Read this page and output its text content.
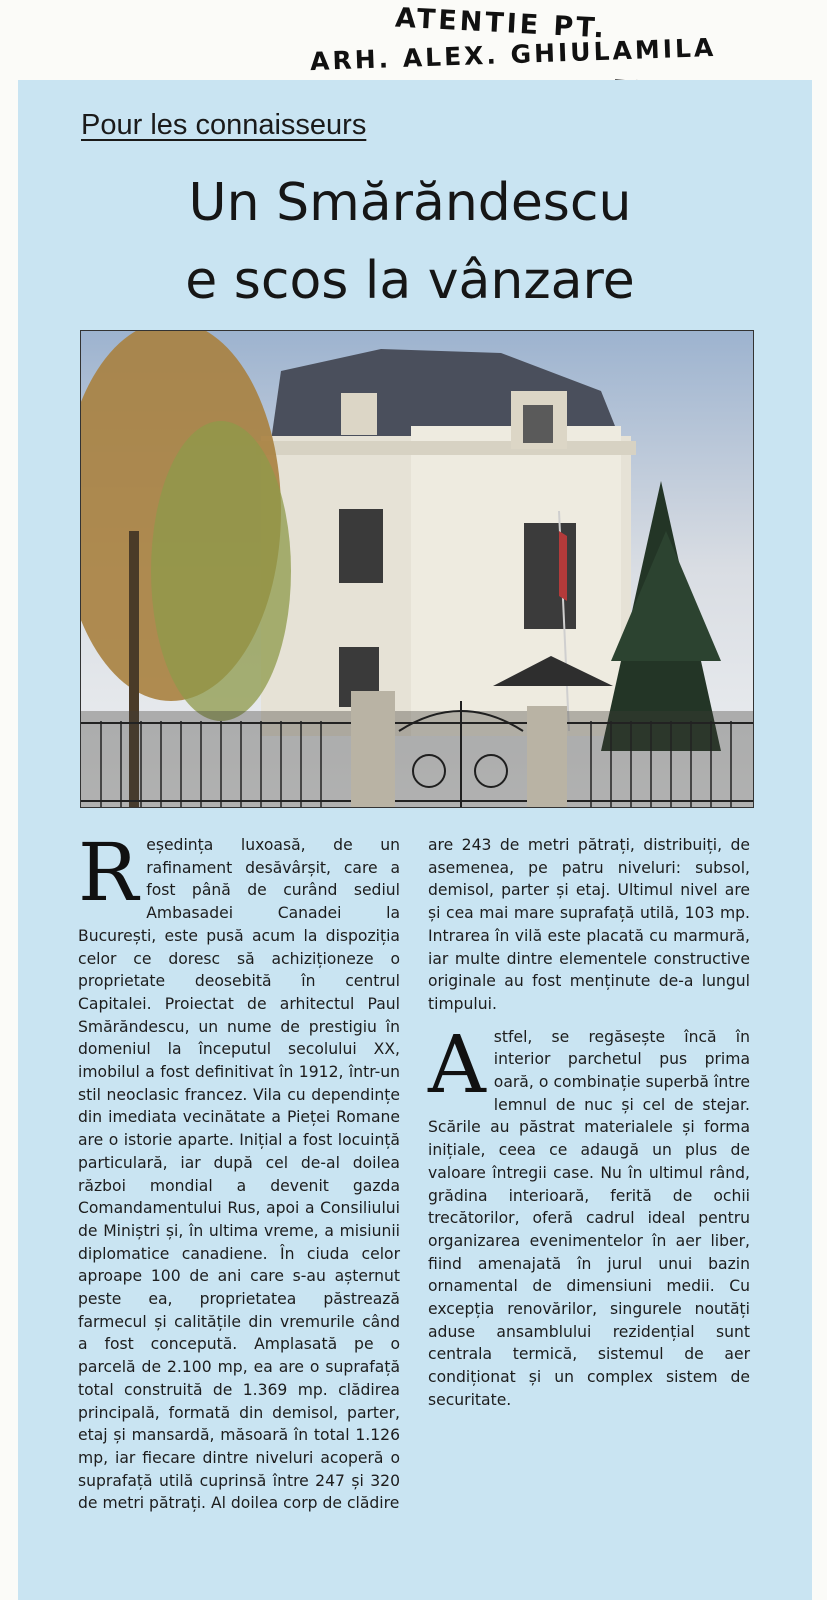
ATENTIE PT.
ARH. ALEX. GHIULAMILA
Pour les connaisseurs
Un Smărăndescu
e scos la vânzare

Reședința luxoasă, de un rafinament desăvârșit, care a fost până de curând sediul Ambasadei Canadei la București, este pusă acum la dispoziția celor ce doresc să achiziționeze o proprietate deosebită în centrul Capitalei. Proiectat de arhitectul Paul Smărăndescu, un nume de prestigiu în domeniul la începutul secolului XX, imobilul a fost definitivat în 1912, într-un stil neoclasic francez. Vila cu dependințe din imediata vecinătate a Pieței Romane are o istorie aparte. Inițial a fost locuință particulară, iar după cel de-al doilea război mondial a devenit gazda Comandamentului Rus, apoi a Consiliului de Miniștri și, în ultima vreme, a misiunii diplomatice canadiene. În ciuda celor aproape 100 de ani care s-au așternut peste ea, proprietatea păstrează farmecul și calitățile din vremurile când a fost concepută. Amplasată pe o parcelă de 2.100 mp, ea are o suprafață total construită de 1.369 mp. clădirea principală, formată din demisol, parter, etaj și mansardă, măsoară în total 1.126 mp, iar fiecare dintre niveluri acoperă o suprafață utilă cuprinsă între 247 și 320 de metri pătrați. Al doilea corp de clădire

are 243 de metri pătrați, distribuiți, de asemenea, pe patru niveluri: subsol, demisol, parter și etaj. Ultimul nivel are și cea mai mare suprafață utilă, 103 mp. Intrarea în vilă este placată cu marmură, iar multe dintre elementele constructive originale au fost menținute de-a lungul timpului.

Astfel, se regăsește încă în interior parchetul pus prima oară, o combinație superbă între lemnul de nuc și cel de stejar. Scările au păstrat materialele și forma inițiale, ceea ce adaugă un plus de valoare întregii case. Nu în ultimul rând, grădina interioară, ferită de ochii trecătorilor, oferă cadrul ideal pentru organizarea evenimentelor în aer liber, fiind amenajată în jurul unui bazin ornamental de dimensiuni medii. Cu excepția renovărilor, singurele noutăți aduse ansamblului rezidențial sunt centrala termică, sistemul de aer condiționat și un complex sistem de securitate.
